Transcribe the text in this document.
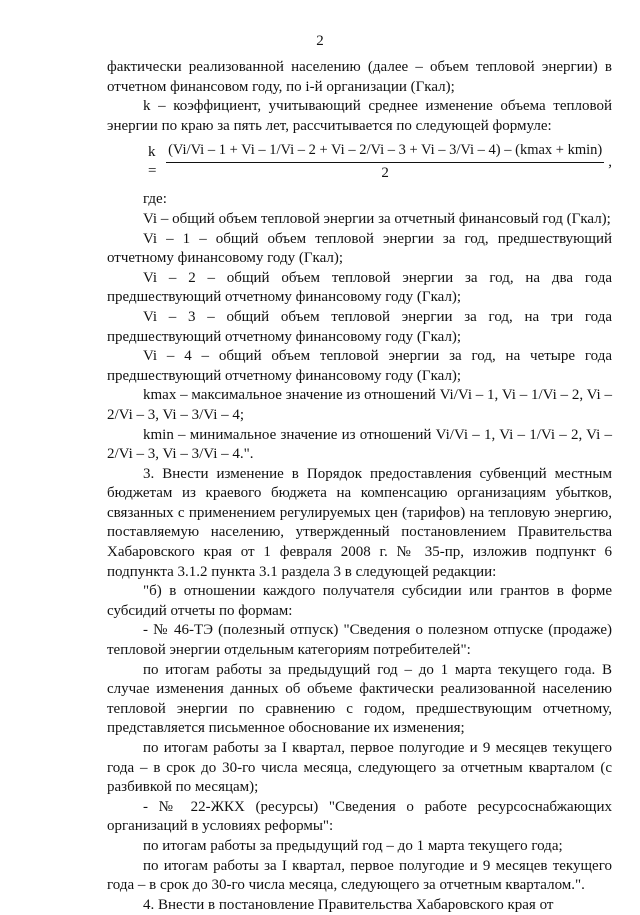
2

фактически реализованной населению (далее – объем тепловой энергии) в отчетном финансовом году, по i-й организации (Гкал);

k – коэффициент, учитывающий среднее изменение объема тепловой энергии по краю за пять лет, рассчитывается по следующей формуле:

k =
(Vi/Vi – 1 + Vi – 1/Vi – 2 + Vi – 2/Vi – 3 + Vi – 3/Vi – 4) – (kmax + kmin)
2
,

где:

Vi – общий объем тепловой энергии за отчетный финансовый год (Гкал);

Vi – 1 – общий объем тепловой энергии за год, предшествующий отчетному финансовому году (Гкал);

Vi – 2 – общий объем тепловой энергии за год, на два года предшествующий отчетному финансовому году (Гкал);

Vi – 3 – общий объем тепловой энергии за год, на три года предшествующий отчетному финансовому году (Гкал);

Vi – 4 – общий объем тепловой энергии за год, на четыре года предшествующий отчетному финансовому году (Гкал);

kmax – максимальное значение из отношений Vi/Vi – 1, Vi – 1/Vi – 2, Vi – 2/Vi – 3, Vi – 3/Vi – 4;

kmin – минимальное значение из отношений Vi/Vi – 1, Vi – 1/Vi – 2, Vi – 2/Vi – 3, Vi – 3/Vi – 4.".

3. Внести изменение в Порядок предоставления субвенций местным бюджетам из краевого бюджета на компенсацию организациям убытков, связанных с применением регулируемых цен (тарифов) на тепловую энергию, поставляемую населению, утвержденный постановлением Правительства Хабаровского края от 1 февраля 2008 г. № 35-пр, изложив подпункт 6 подпункта 3.1.2 пункта 3.1 раздела 3 в следующей редакции:

"б) в отношении каждого получателя субсидии или грантов в форме субсидий отчеты по формам:

- № 46-ТЭ (полезный отпуск) "Сведения о полезном отпуске (продаже) тепловой энергии отдельным категориям потребителей":

по итогам работы за предыдущий год – до 1 марта текущего года. В случае изменения данных об объеме фактически реализованной населению тепловой энергии по сравнению с годом, предшествующим отчетному, представляется письменное обоснование их изменения;

по итогам работы за I квартал, первое полугодие и 9 месяцев текущего года – в срок до 30-го числа месяца, следующего за отчетным кварталом (с разбивкой по месяцам);

- № 22-ЖКХ (ресурсы) "Сведения о работе ресурсоснабжающих организаций в условиях реформы":

по итогам работы за предыдущий год – до 1 марта текущего года;

по итогам работы за I квартал, первое полугодие и 9 месяцев текущего года – в срок до 30-го числа месяца, следующего за отчетным кварталом.".

4. Внести в постановление Правительства Хабаровского края от
